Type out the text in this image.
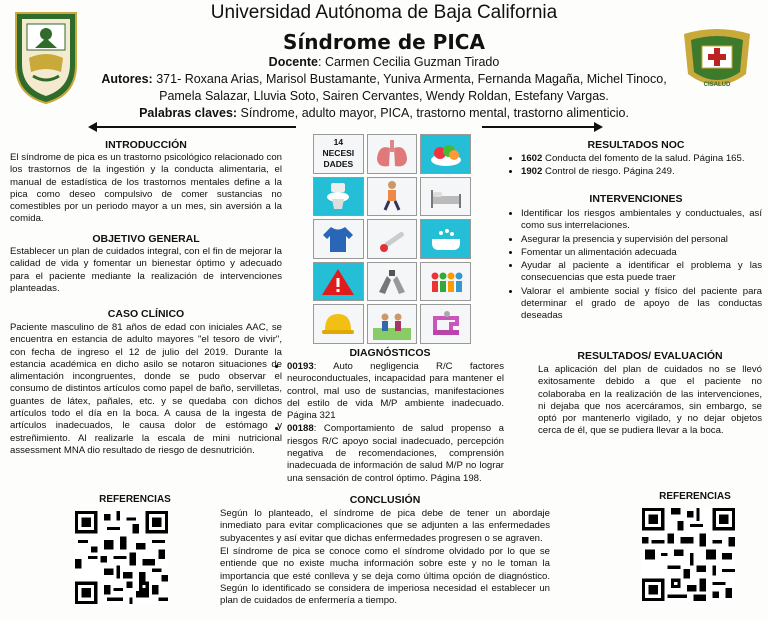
Universidad Autónoma de Baja California
Síndrome de PICA
Docente: Carmen Cecilia Guzman Tirado
Autores: 371- Roxana Arias, Marisol Bustamante, Yuniva Armenta, Fernanda Magaña, Michel Tinoco,
Pamela Salazar, Lluvia Soto, Sairen Cervantes, Wendy Roldan, Estefany Vargas.
Palabras claves: Síndrome, adulto mayor, PICA, trastorno mental, trastorno alimenticio.
C.A.B.C
CISALUD
INTRODUCCIÓN
El síndrome de pica es un trastorno psicológico relacionado con los trastornos de la ingestión y la conducta alimentaria, el manual de estadística de los trastornos mentales define a la pica como deseo compulsivo de comer sustancias no comestibles por un periodo mayor a un mes, sin aversión a la comida.
OBJETIVO GENERAL
Establecer un plan de cuidados integral, con el fin de mejorar la calidad de vida y fomentar un bienestar óptimo y adecuado para el paciente mediante la realización de intervenciones planteadas.
CASO CLÍNICO
Paciente masculino de 81 años de edad con iniciales AAC, se encuentra en estancia de adulto mayores "el tesoro de vivir", con fecha de ingreso el 12 de julio del 2019. Durante la estancia académica en dicho asilo se notaron situaciones de alimentación incongruentes, donde se pudo observar el consumo de distintos artículos como papel de baño, servilletas, guantes de látex, pañales, etc. y se quedaba con dichos artículos todo el día en la boca. A causa de la ingesta de artículos inadecuados, le causa dolor de estómago y estreñimiento. Al realizarle la escala de mini nutricional assessment MNA dio resultado de riesgo de desnutrición.
14
NECESI
DADES
DIAGNÓSTICOS
• 00193: Auto negligencia R/C factores neuroconductuales, incapacidad para mantener el control, mal uso de sustancias, manifestaciones del estilo de vida M/P ambiente inadecuado. Página 321
• 00188: Comportamiento de salud propenso a riesgos R/C apoyo social inadecuado, percepción negativa de recomendaciones, comprensión inadecuada de información de salud M/P no lograr una sensación de control óptimo. Página 198.
RESULTADOS NOC
• 1602 Conducta del fomento de la salud. Página 165.
• 1902 Control de riesgo. Página 249.
INTERVENCIONES
• Identificar los riesgos ambientales y conductuales, así como sus interrelaciones.
• Asegurar la presencia y supervisión del personal
• Fomentar un alimentación adecuada
• Ayudar al paciente a identificar el problema y las consecuencias que esta puede traer
• Valorar el ambiente social y físico del paciente para determinar el grado de apoyo de las conductas deseadas
RESULTADOS/ EVALUACIÓN
La aplicación del plan de cuidados no se llevó exitosamente debido a que el paciente no colaboraba en la realización de las intervenciones, ni dejaba que nos acercáramos, sin embargo, se optó por mantenerlo vigilado, y no dejar objetos cerca de él, que se pudiera llevar a la boca.
REFERENCIAS	CONCLUSIÓN
Según lo planteado, el síndrome de pica debe de tener un abordaje inmediato para evitar complicaciones que se adjunten a las enfermedades subyacentes y así evitar que dichas enfermedades progresen o se agraven.
El síndrome de pica se conoce como el síndrome olvidado por lo que se entiende que no existe mucha información sobre este y no le toman la importancia que esté conlleva y se deja como última opción de diagnóstico. Según lo identificado se considera de imperiosa necesidad el establecer un plan de cuidados de enfermería a tiempo.
REFERENCIAS
